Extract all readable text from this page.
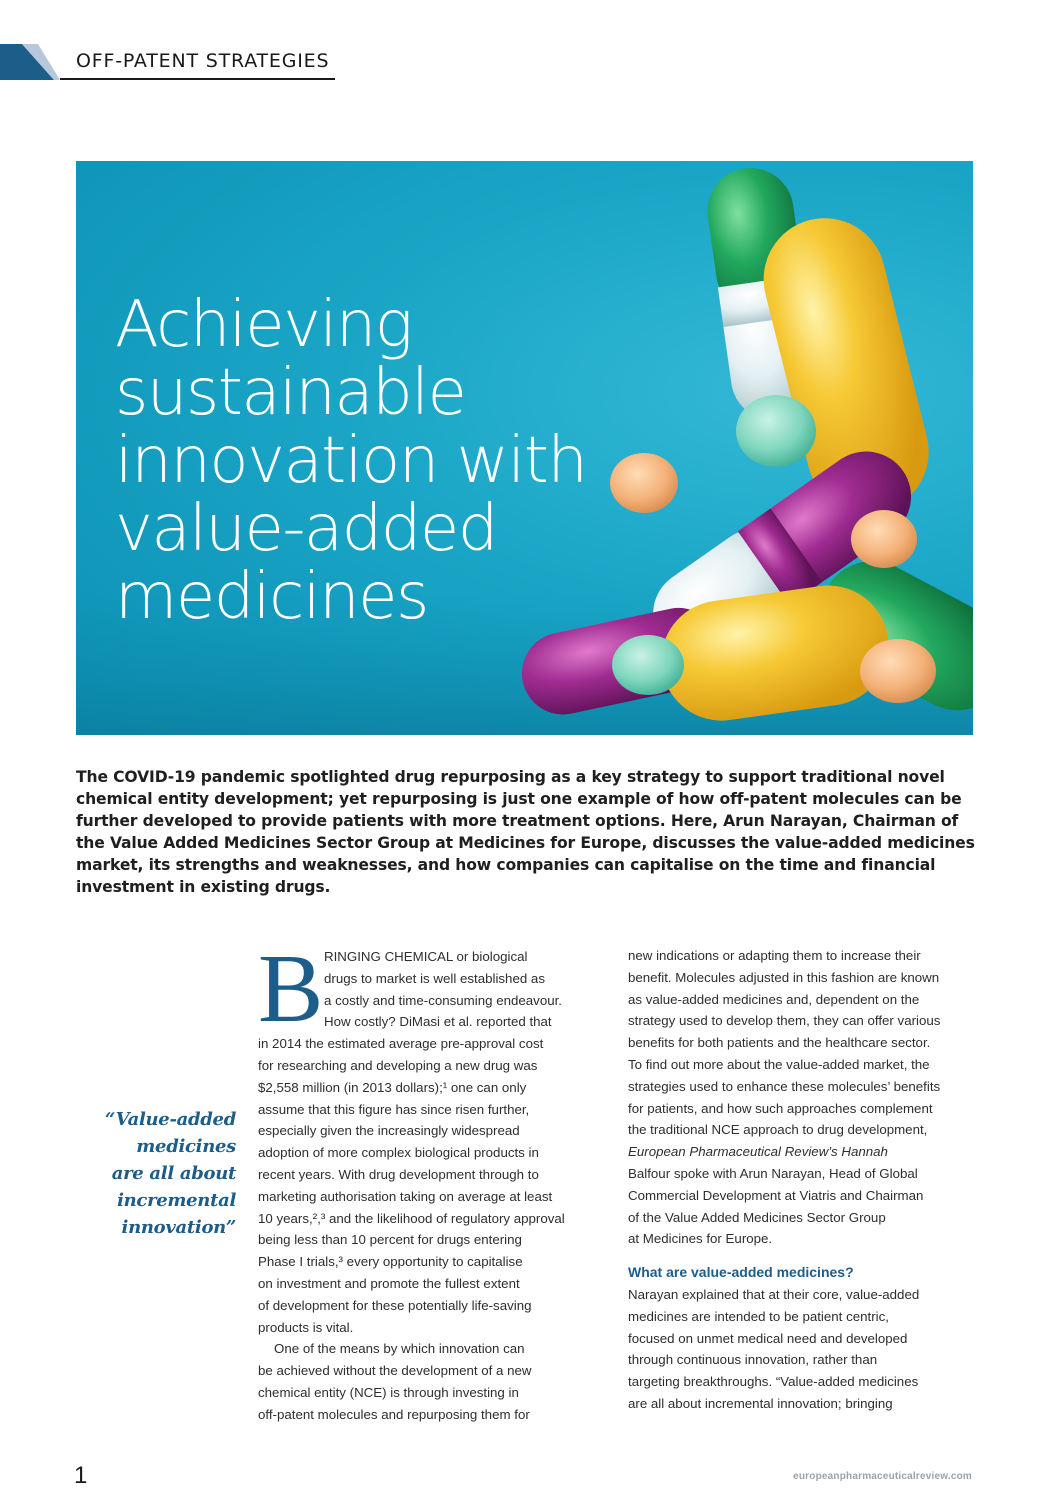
OFF-PATENT STRATEGIES
Achieving
sustainable
innovation with
value-added
medicines

The COVID-19 pandemic spotlighted drug repurposing as a key strategy to support traditional novel
chemical entity development; yet repurposing is just one example of how off-patent molecules can be
further developed to provide patients with more treatment options. Here, Arun Narayan, Chairman of
the Value Added Medicines Sector Group at Medicines for Europe, discusses the value-added medicines
market, its strengths and weaknesses, and how companies can capitalise on the time and financial
investment in existing drugs.

“Value-added
medicines
are all about
incremental
innovation”
B RINGING CHEMICAL or biological
drugs to market is well established as
a costly and time-consuming endeavour.
How costly? DiMasi et al. reported that
in 2014 the estimated average pre-approval cost
for researching and developing a new drug was
$2,558 million (in 2013 dollars);¹ one can only
assume that this figure has since risen further,
especially given the increasingly widespread
adoption of more complex biological products in
recent years. With drug development through to
marketing authorisation taking on average at least
10 years,²,³ and the likelihood of regulatory approval
being less than 10 percent for drugs entering
Phase I trials,³ every opportunity to capitalise
on investment and promote the fullest extent
of development for these potentially life-saving
products is vital.
One of the means by which innovation can
be achieved without the development of a new
chemical entity (NCE) is through investing in
off-patent molecules and repurposing them for
new indications or adapting them to increase their
benefit. Molecules adjusted in this fashion are known
as value-added medicines and, dependent on the
strategy used to develop them, they can offer various
benefits for both patients and the healthcare sector.
To find out more about the value-added market, the
strategies used to enhance these molecules’ benefits
for patients, and how such approaches complement
the traditional NCE approach to drug development,
European Pharmaceutical Review’s Hannah
Balfour spoke with Arun Narayan, Head of Global
Commercial Development at Viatris and Chairman
of the Value Added Medicines Sector Group
at Medicines for Europe.
What are value-added medicines?
Narayan explained that at their core, value-added
medicines are intended to be patient centric,
focused on unmet medical need and developed
through continuous innovation, rather than
targeting breakthroughs. “Value-added medicines
are all about incremental innovation; bringing
1	europeanpharmaceuticalreview.com
